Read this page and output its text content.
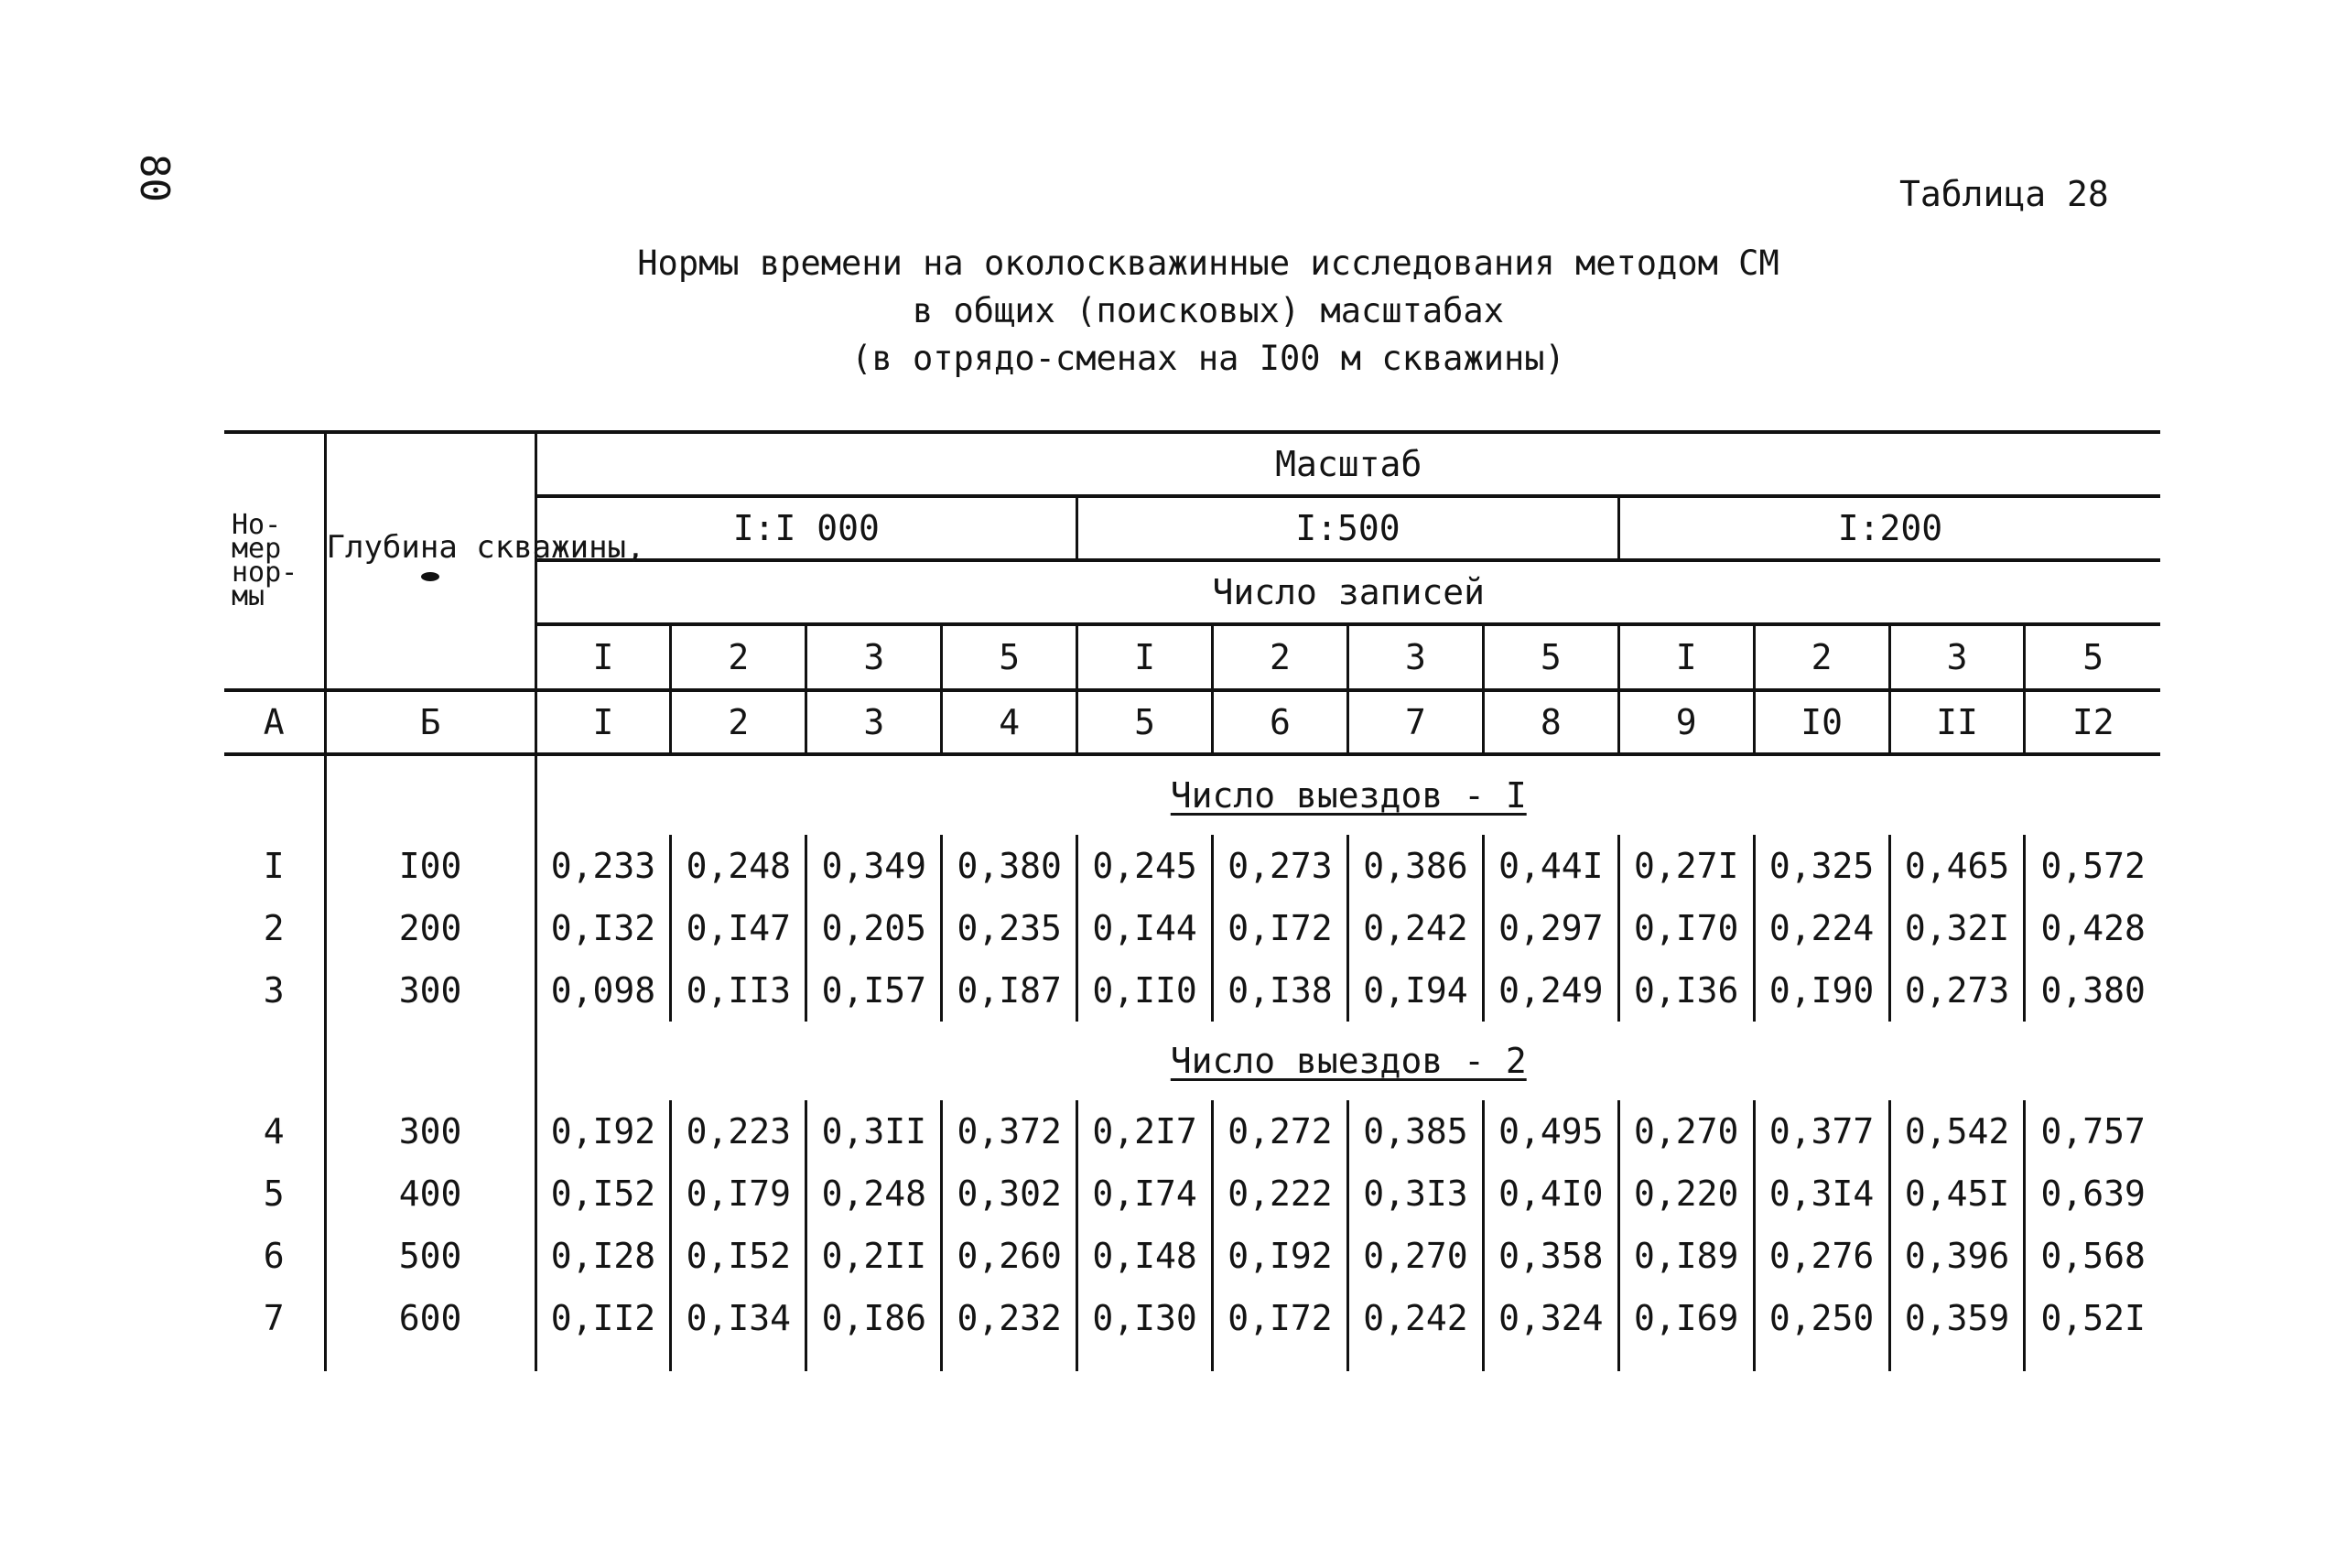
80	Таблица 28
Нормы времени на околоскважинные исследования методом СМ
в общих (поисковых) масштабах
(в отрядо-сменах на I00 м скважины)
Но-
мер
нор-
мы	Глубина скважины,	Масштаб											
		I:I 000				I:500				I:200			
		Число записей											
		I	2	3	5	I	2	3	5	I	2	3	5
А	Б	I	2	3	4	5	6	7	8	9	I0	II	I2
		Число выездов - I											
I	I00	0,233	0,248	0,349	0,380	0,245	0,273	0,386	0,44I	0,27I	0,325	0,465	0,572
2	200	0,I32	0,I47	0,205	0,235	0,I44	0,I72	0,242	0,297	0,I70	0,224	0,32I	0,428
3	300	0,098	0,II3	0,I57	0,I87	0,II0	0,I38	0,I94	0,249	0,I36	0,I90	0,273	0,380
		Число выездов - 2											
4	300	0,I92	0,223	0,3II	0,372	0,2I7	0,272	0,385	0,495	0,270	0,377	0,542	0,757
5	400	0,I52	0,I79	0,248	0,302	0,I74	0,222	0,3I3	0,4I0	0,220	0,3I4	0,45I	0,639
6	500	0,I28	0,I52	0,2II	0,260	0,I48	0,I92	0,270	0,358	0,I89	0,276	0,396	0,568
7	600	0,II2	0,I34	0,I86	0,232	0,I30	0,I72	0,242	0,324	0,I69	0,250	0,359	0,52I
